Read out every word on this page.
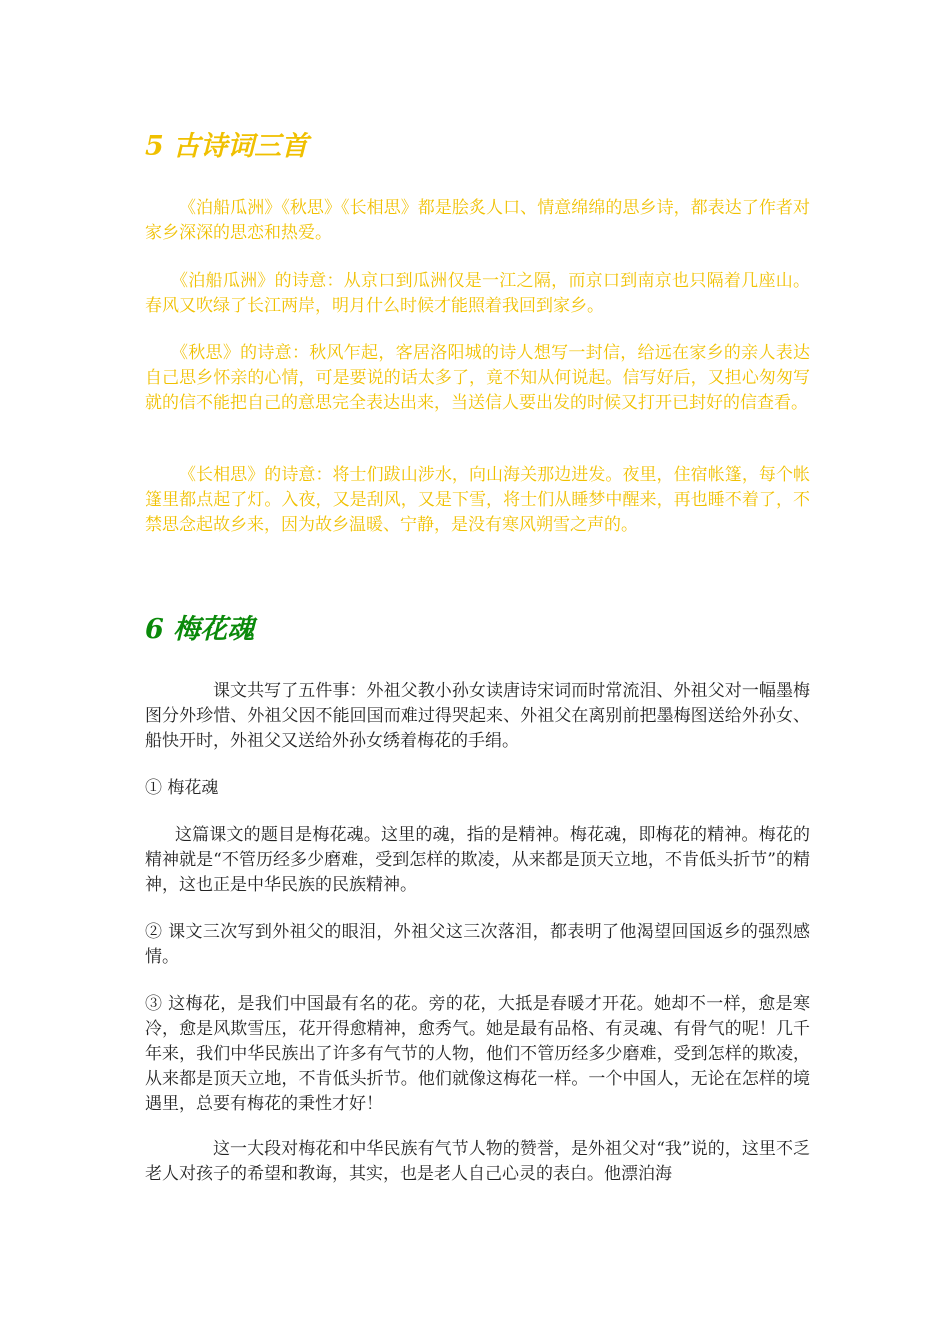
5 古诗词三首

《泊船瓜洲》《秋思》《长相思》都是脍炙人口、情意绵绵的思乡诗，都表达了作者对家乡深深的思恋和热爱。

《泊船瓜洲》的诗意：从京口到瓜洲仅是一江之隔，而京口到南京也只隔着几座山。春风又吹绿了长江两岸，明月什么时候才能照着我回到家乡。

《秋思》的诗意：秋风乍起，客居洛阳城的诗人想写一封信，给远在家乡的亲人表达自己思乡怀亲的心情，可是要说的话太多了，竟不知从何说起。信写好后，又担心匆匆写就的信不能把自己的意思完全表达出来，当送信人要出发的时候又打开已封好的信查看。

《长相思》的诗意：将士们跋山涉水，向山海关那边进发。夜里，住宿帐篷，每个帐篷里都点起了灯。入夜，又是刮风，又是下雪，将士们从睡梦中醒来，再也睡不着了，不禁思念起故乡来，因为故乡温暖、宁静，是没有寒风朔雪之声的。

6 梅花魂

课文共写了五件事：外祖父教小孙女读唐诗宋词而时常流泪、外祖父对一幅墨梅图分外珍惜、外祖父因不能回国而难过得哭起来、外祖父在离别前把墨梅图送给外孙女、船快开时，外祖父又送给外孙女绣着梅花的手绢。

① 梅花魂

这篇课文的题目是梅花魂。这里的魂，指的是精神。梅花魂，即梅花的精神。梅花的精神就是“不管历经多少磨难，受到怎样的欺凌，从来都是顶天立地，不肯低头折节”的精神，这也正是中华民族的民族精神。

② 课文三次写到外祖父的眼泪，外祖父这三次落泪，都表明了他渴望回国返乡的强烈感情。

③ 这梅花，是我们中国最有名的花。旁的花，大抵是春暖才开花。她却不一样，愈是寒冷，愈是风欺雪压，花开得愈精神，愈秀气。她是最有品格、有灵魂、有骨气的呢！几千年来，我们中华民族出了许多有气节的人物，他们不管历经多少磨难，受到怎样的欺凌，从来都是顶天立地，不肯低头折节。他们就像这梅花一样。一个中国人，无论在怎样的境遇里，总要有梅花的秉性才好！

这一大段对梅花和中华民族有气节人物的赞誉，是外祖父对“我”说的，这里不乏老人对孩子的希望和教诲，其实，也是老人自己心灵的表白。他漂泊海
